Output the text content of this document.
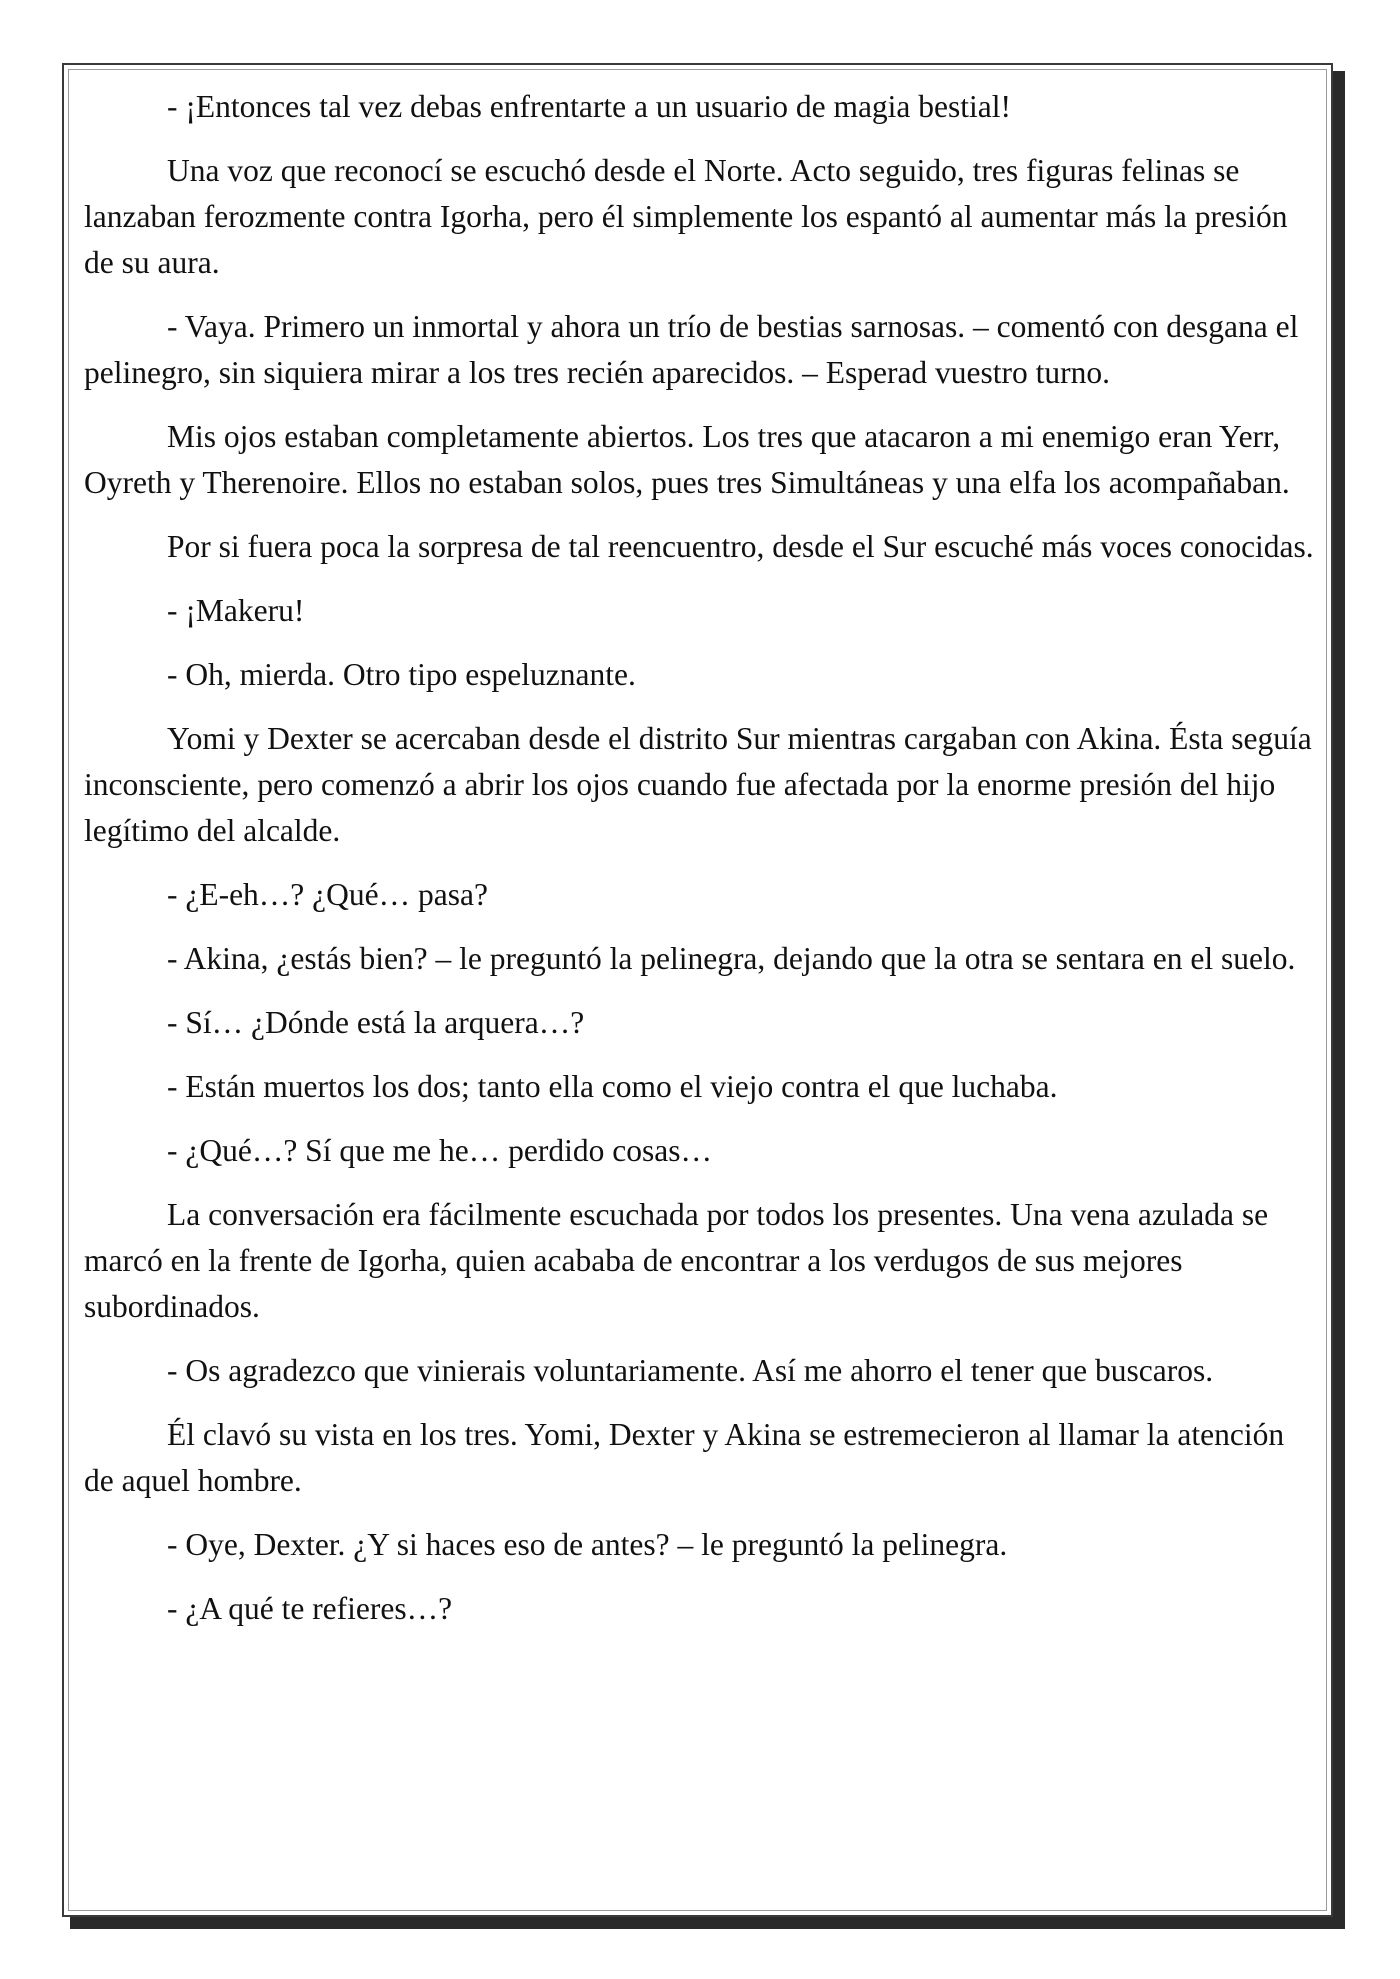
- ¡Entonces tal vez debas enfrentarte a un usuario de magia bestial!

Una voz que reconocí se escuchó desde el Norte. Acto seguido, tres figuras felinas se lanzaban ferozmente contra Igorha, pero él simplemente los espantó al aumentar más la presión de su aura.

- Vaya. Primero un inmortal y ahora un trío de bestias sarnosas. – comentó con desgana el pelinegro, sin siquiera mirar a los tres recién aparecidos. – Esperad vuestro turno.

Mis ojos estaban completamente abiertos. Los tres que atacaron a mi enemigo eran Yerr, Oyreth y Therenoire. Ellos no estaban solos, pues tres Simultáneas y una elfa los acompañaban.

Por si fuera poca la sorpresa de tal reencuentro, desde el Sur escuché más voces conocidas.

- ¡Makeru!

- Oh, mierda. Otro tipo espeluznante.

Yomi y Dexter se acercaban desde el distrito Sur mientras cargaban con Akina. Ésta seguía inconsciente, pero comenzó a abrir los ojos cuando fue afectada por la enorme presión del hijo legítimo del alcalde.

- ¿E-eh…? ¿Qué… pasa?

- Akina, ¿estás bien? – le preguntó la pelinegra, dejando que la otra se sentara en el suelo.

- Sí… ¿Dónde está la arquera…?

- Están muertos los dos; tanto ella como el viejo contra el que luchaba.

- ¿Qué…? Sí que me he… perdido cosas…

La conversación era fácilmente escuchada por todos los presentes. Una vena azulada se marcó en la frente de Igorha, quien acababa de encontrar a los verdugos de sus mejores subordinados.

- Os agradezco que vinierais voluntariamente. Así me ahorro el tener que buscaros.

Él clavó su vista en los tres. Yomi, Dexter y Akina se estremecieron al llamar la atención de aquel hombre.

- Oye, Dexter. ¿Y si haces eso de antes? – le preguntó la pelinegra.

- ¿A qué te refieres…?
